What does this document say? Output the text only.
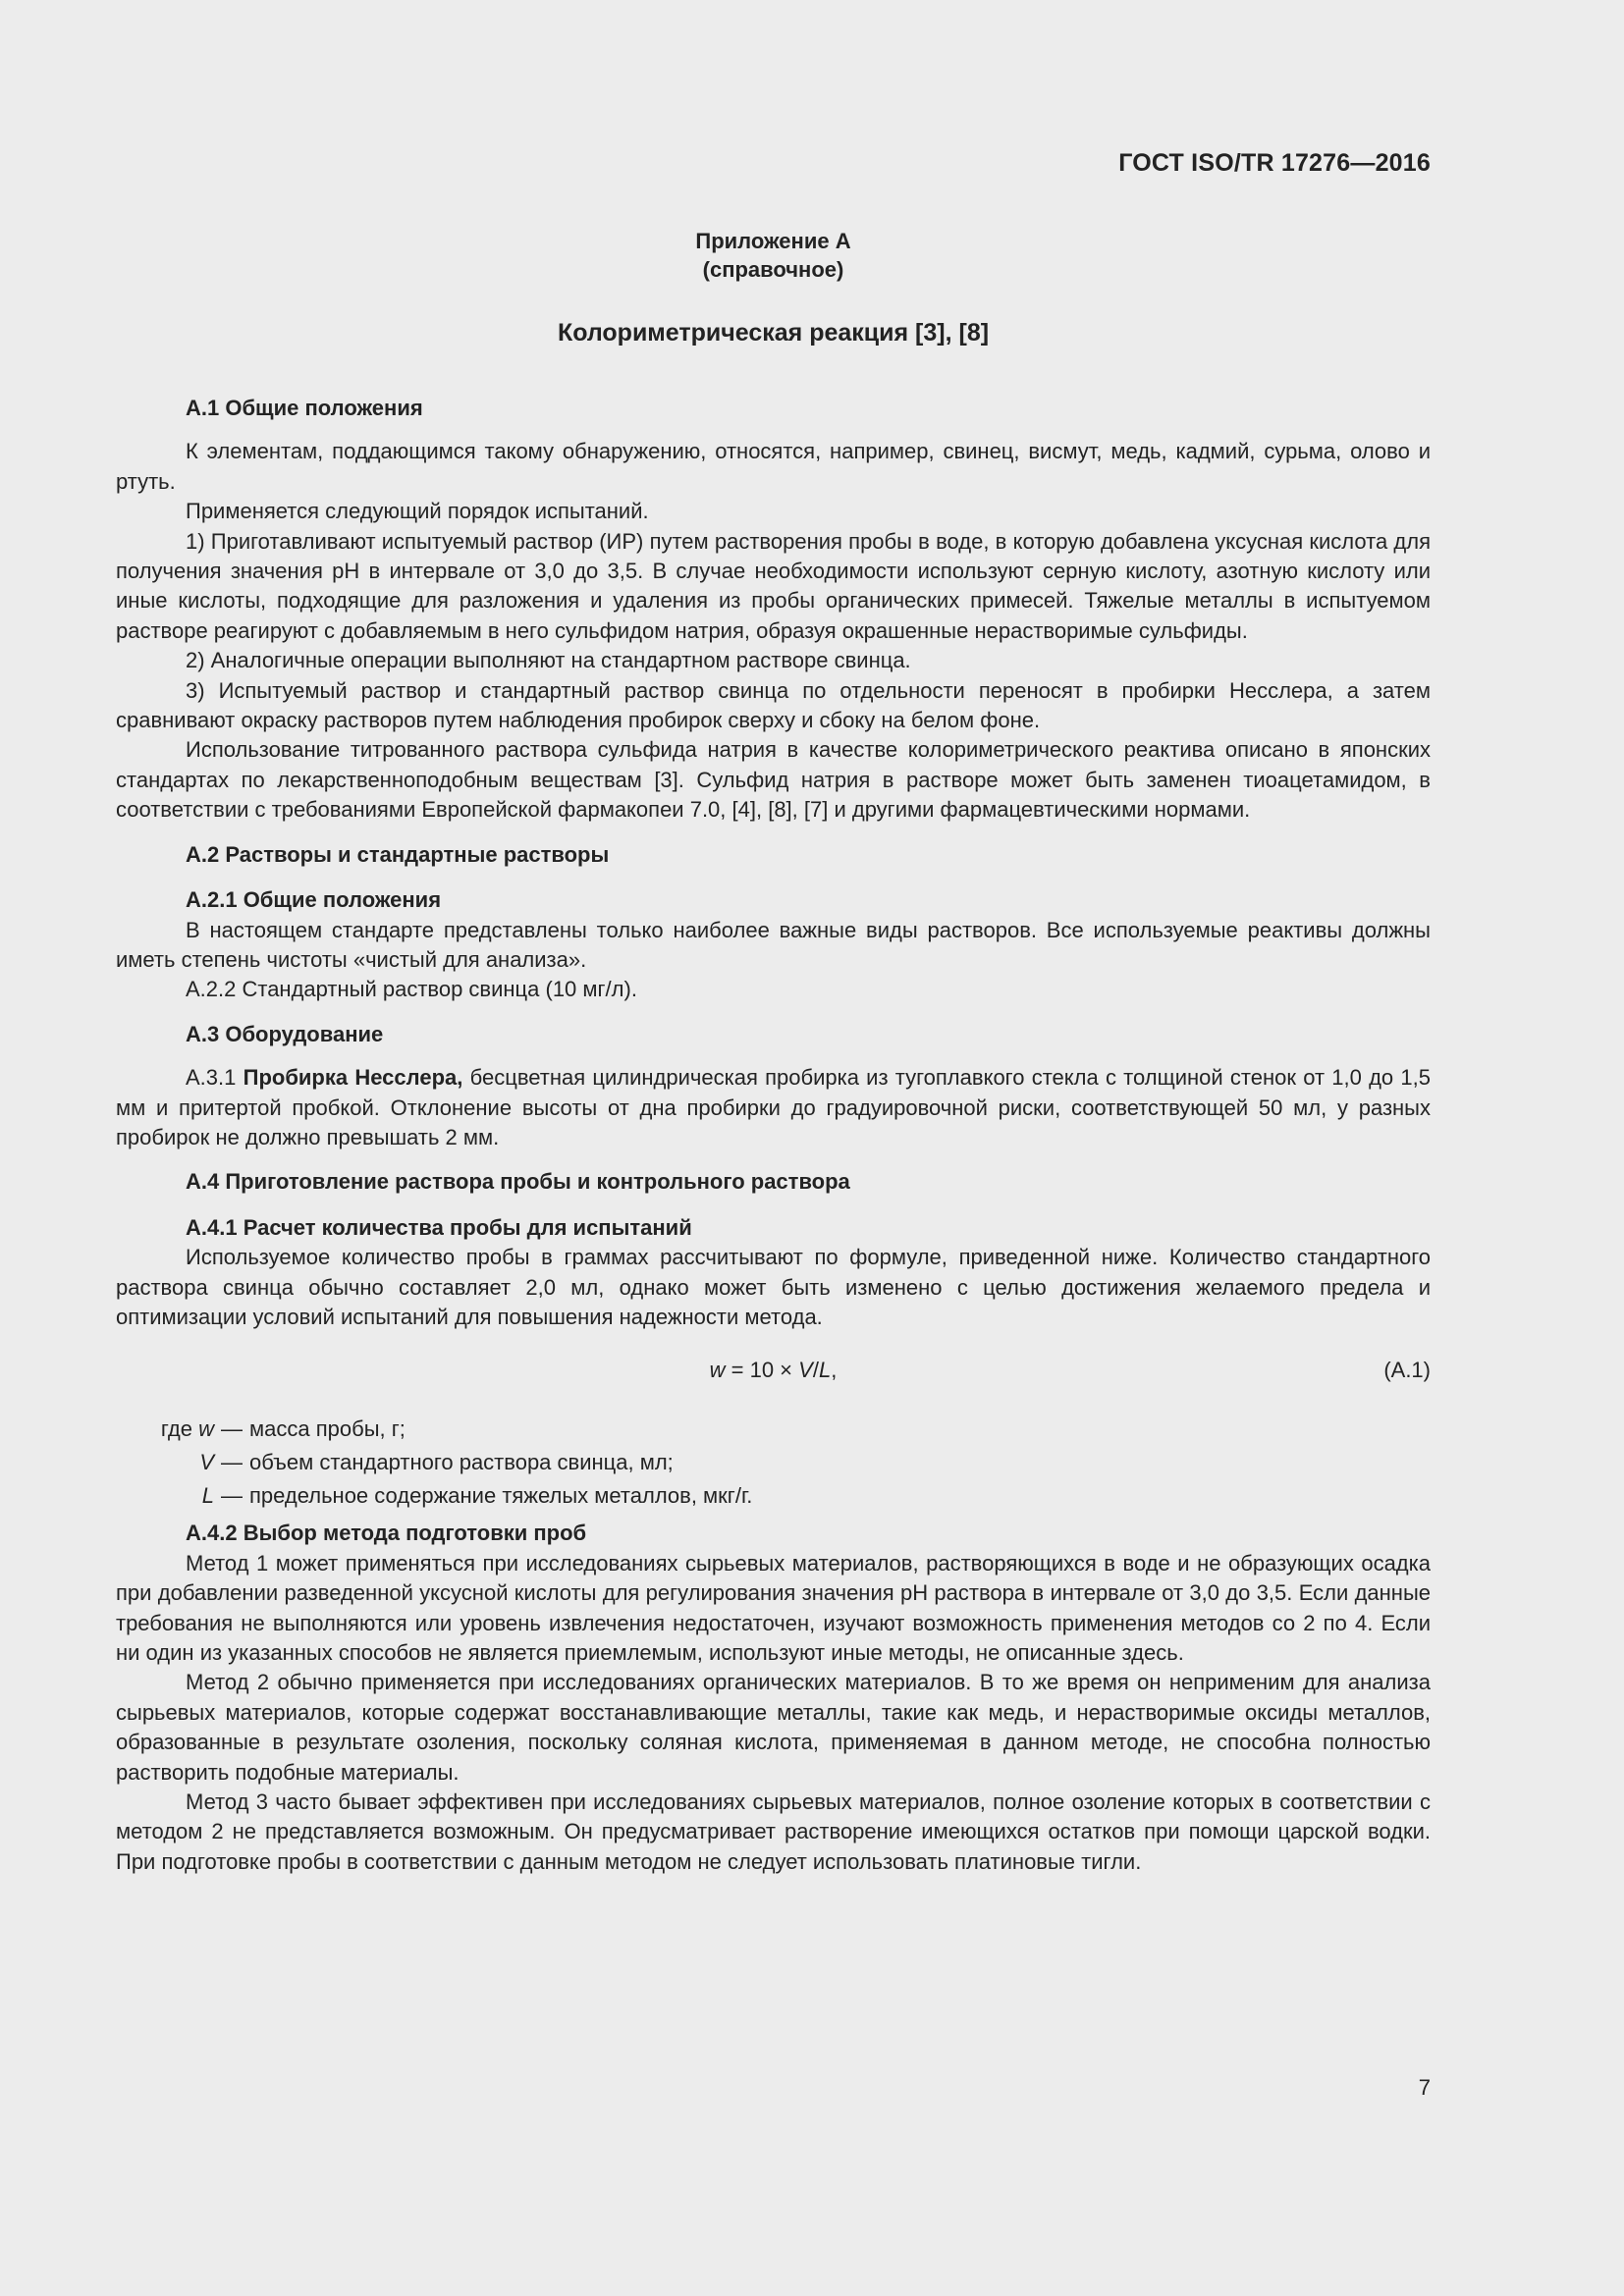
ГОСТ ISO/TR 17276—2016
Приложение А
(справочное)
Колориметрическая реакция [3], [8]
А.1 Общие положения

К элементам, поддающимся такому обнаружению, относятся, например, свинец, висмут, медь, кадмий, сурьма, олово и ртуть.

Применяется следующий порядок испытаний.

1) Приготавливают испытуемый раствор (ИР) путем растворения пробы в воде, в которую добавлена уксусная кислота для получения значения pH в интервале от 3,0 до 3,5. В случае необходимости используют серную кислоту, азотную кислоту или иные кислоты, подходящие для разложения и удаления из пробы органических примесей. Тяжелые металлы в испытуемом растворе реагируют с добавляемым в него сульфидом натрия, образуя окрашенные нерастворимые сульфиды.

2) Аналогичные операции выполняют на стандартном растворе свинца.

3) Испытуемый раствор и стандартный раствор свинца по отдельности переносят в пробирки Несслера, а затем сравнивают окраску растворов путем наблюдения пробирок сверху и сбоку на белом фоне.

Использование титрованного раствора сульфида натрия в качестве колориметрического реактива описано в японских стандартах по лекарственноподобным веществам [3]. Сульфид натрия в растворе может быть заменен тиоацетамидом, в соответствии с требованиями Европейской фармакопеи 7.0, [4], [8], [7] и другими фармацевтическими нормами.

А.2 Растворы и стандартные растворы
А.2.1 Общие положения

В настоящем стандарте представлены только наиболее важные виды растворов. Все используемые реактивы должны иметь степень чистоты «чистый для анализа».

А.2.2 Стандартный раствор свинца (10 мг/л).

А.3 Оборудование

А.3.1 Пробирка Несслера, бесцветная цилиндрическая пробирка из тугоплавкого стекла с толщиной стенок от 1,0 до 1,5 мм и притертой пробкой. Отклонение высоты от дна пробирки до градуировочной риски, соответствующей 50 мл, у разных пробирок не должно превышать 2 мм.

А.4 Приготовление раствора пробы и контрольного раствора
А.4.1 Расчет количества пробы для испытаний

Используемое количество пробы в граммах рассчитывают по формуле, приведенной ниже. Количество стандартного раствора свинца обычно составляет 2,0 мл, однако может быть изменено с целью достижения желаемого предела и оптимизации условий испытаний для повышения надежности метода.

w = 10 × V/L,	(А.1)
где w — масса пробы, г;
V — объем стандартного раствора свинца, мл;
L — предельное содержание тяжелых металлов, мкг/г.
А.4.2 Выбор метода подготовки проб

Метод 1 может применяться при исследованиях сырьевых материалов, растворяющихся в воде и не образующих осадка при добавлении разведенной уксусной кислоты для регулирования значения pH раствора в интервале от 3,0 до 3,5. Если данные требования не выполняются или уровень извлечения недостаточен, изучают возможность применения методов со 2 по 4. Если ни один из указанных способов не является приемлемым, используют иные методы, не описанные здесь.

Метод 2 обычно применяется при исследованиях органических материалов. В то же время он неприменим для анализа сырьевых материалов, которые содержат восстанавливающие металлы, такие как медь, и нерастворимые оксиды металлов, образованные в результате озоления, поскольку соляная кислота, применяемая в данном методе, не способна полностью растворить подобные материалы.

Метод 3 часто бывает эффективен при исследованиях сырьевых материалов, полное озоление которых в соответствии с методом 2 не представляется возможным. Он предусматривает растворение имеющихся остатков при помощи царской водки. При подготовке пробы в соответствии с данным методом не следует использовать платиновые тигли.

7
